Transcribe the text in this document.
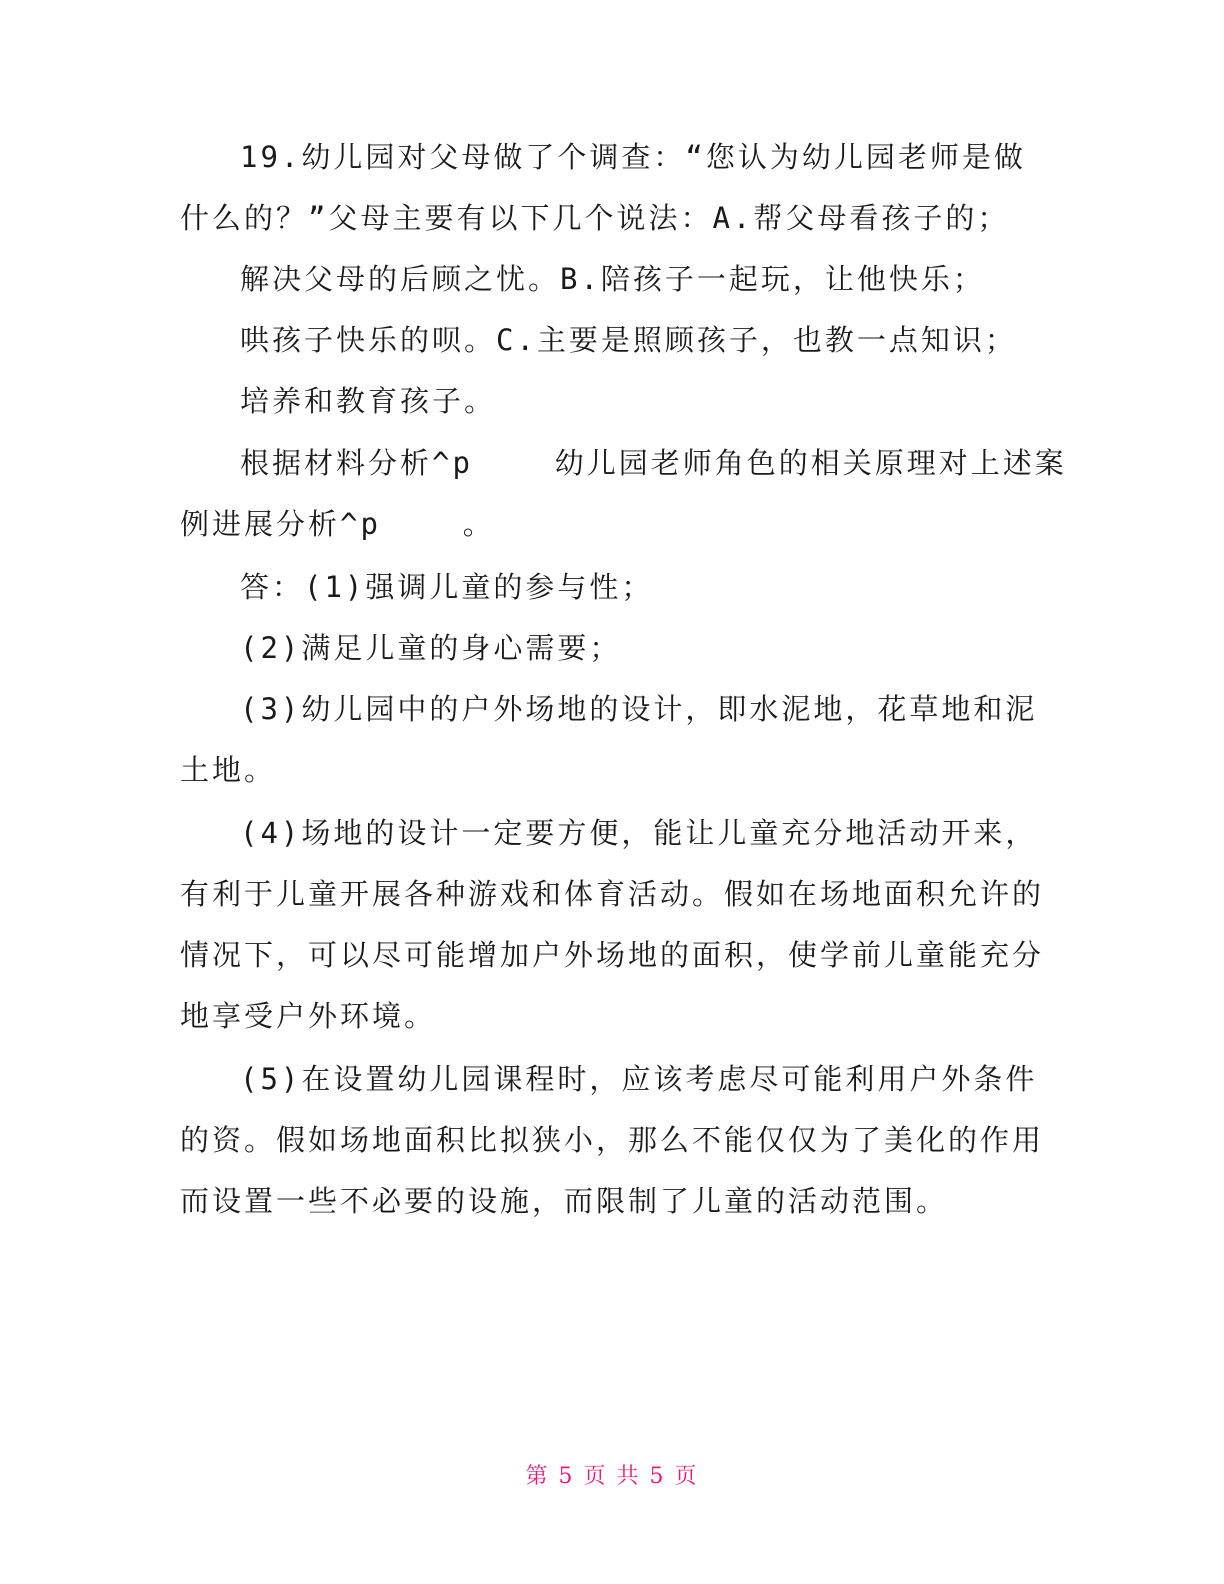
19.幼儿园对父母做了个调查：“您认为幼儿园老师是做
什么的？”父母主要有以下几个说法：A.帮父母看孩子的；
解决父母的后顾之忧。B.陪孩子一起玩，让他快乐；
哄孩子快乐的呗。C.主要是照顾孩子，也教一点知识；
培养和教育孩子。
根据材料分析^p    幼儿园老师角色的相关原理对上述案
例进展分析^p    。
答：(1)强调儿童的参与性；
(2)满足儿童的身心需要；
(3)幼儿园中的户外场地的设计，即水泥地，花草地和泥
土地。
(4)场地的设计一定要方便，能让儿童充分地活动开来，
有利于儿童开展各种游戏和体育活动。假如在场地面积允许的
情况下，可以尽可能增加户外场地的面积，使学前儿童能充分
地享受户外环境。
(5)在设置幼儿园课程时，应该考虑尽可能利用户外条件
的资。假如场地面积比拟狭小，那么不能仅仅为了美化的作用
而设置一些不必要的设施，而限制了儿童的活动范围。
第 5 页 共 5 页
